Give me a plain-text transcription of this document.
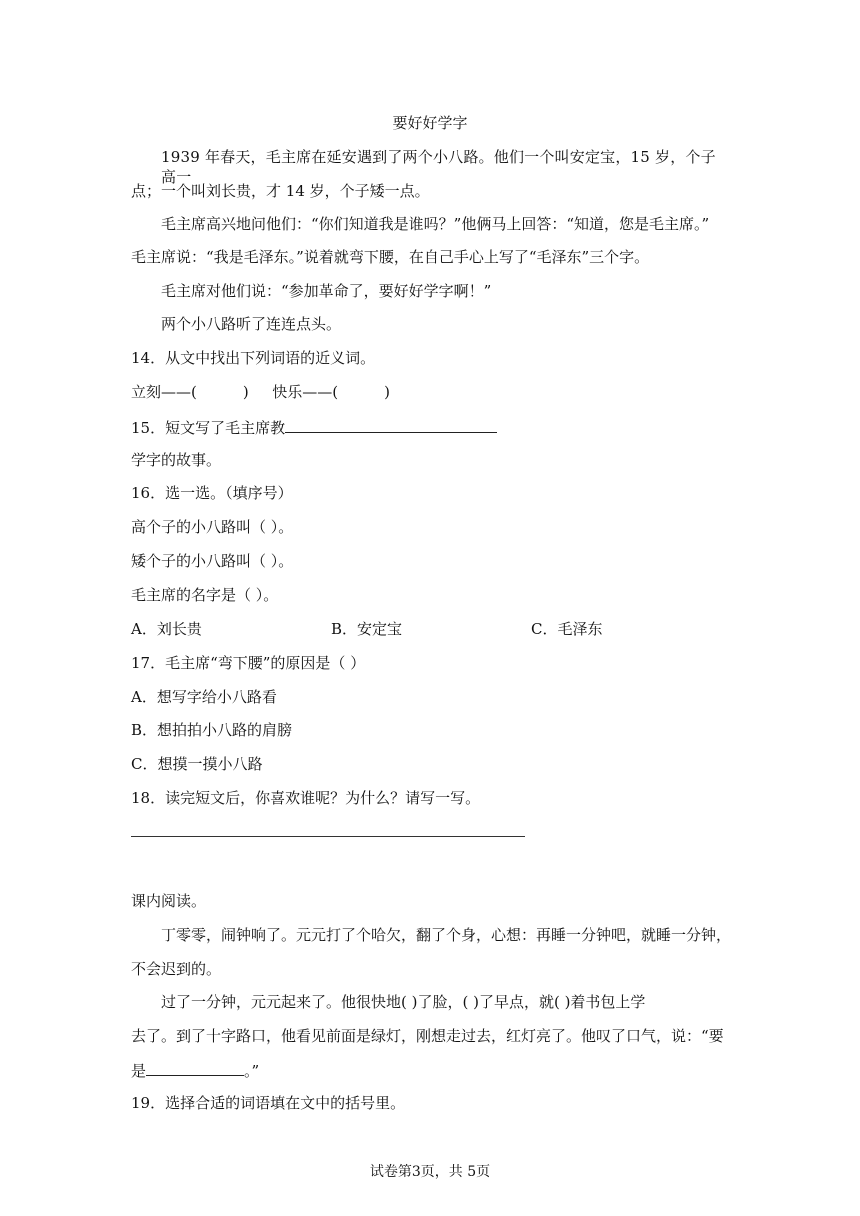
要好好学字
1939 年春天，毛主席在延安遇到了两个小八路。他们一个叫安定宝，15 岁，个子高一
点；一个叫刘长贵，才 14 岁，个子矮一点。
毛主席高兴地问他们：“你们知道我是谁吗？”他俩马上回答：“知道，您是毛主席。”
毛主席说：“我是毛泽东。”说着就弯下腰，在自己手心上写了“毛泽东”三个字。
毛主席对他们说：“参加革命了，要好好学字啊！”
两个小八路听了连连点头。
14．从文中找出下列词语的近义词。
立刻——(	) 快乐——(	)
15．短文写了毛主席教
学字的故事。
16．选一选。（填序号）
高个子的小八路叫（ ）。
矮个子的小八路叫（ ）。
毛主席的名字是（ ）。
A．刘长贵	B．安定宝	C．毛泽东
17．毛主席“弯下腰”的原因是（ ）
A．想写字给小八路看
B．想拍拍小八路的肩膀
C．想摸一摸小八路
18．读完短文后，你喜欢谁呢？为什么？请写一写。
课内阅读。
丁零零，闹钟响了。元元打了个哈欠，翻了个身，心想：再睡一分钟吧，就睡一分钟，
不会迟到的。
过了一分钟，元元起来了。他很快地( )了脸，( )了早点，就( )着书包上学
去了。到了十字路口，他看见前面是绿灯，刚想走过去，红灯亮了。他叹了口气，说：“要
是	。”
19．选择合适的词语填在文中的括号里。
试卷第3页，共 5页
